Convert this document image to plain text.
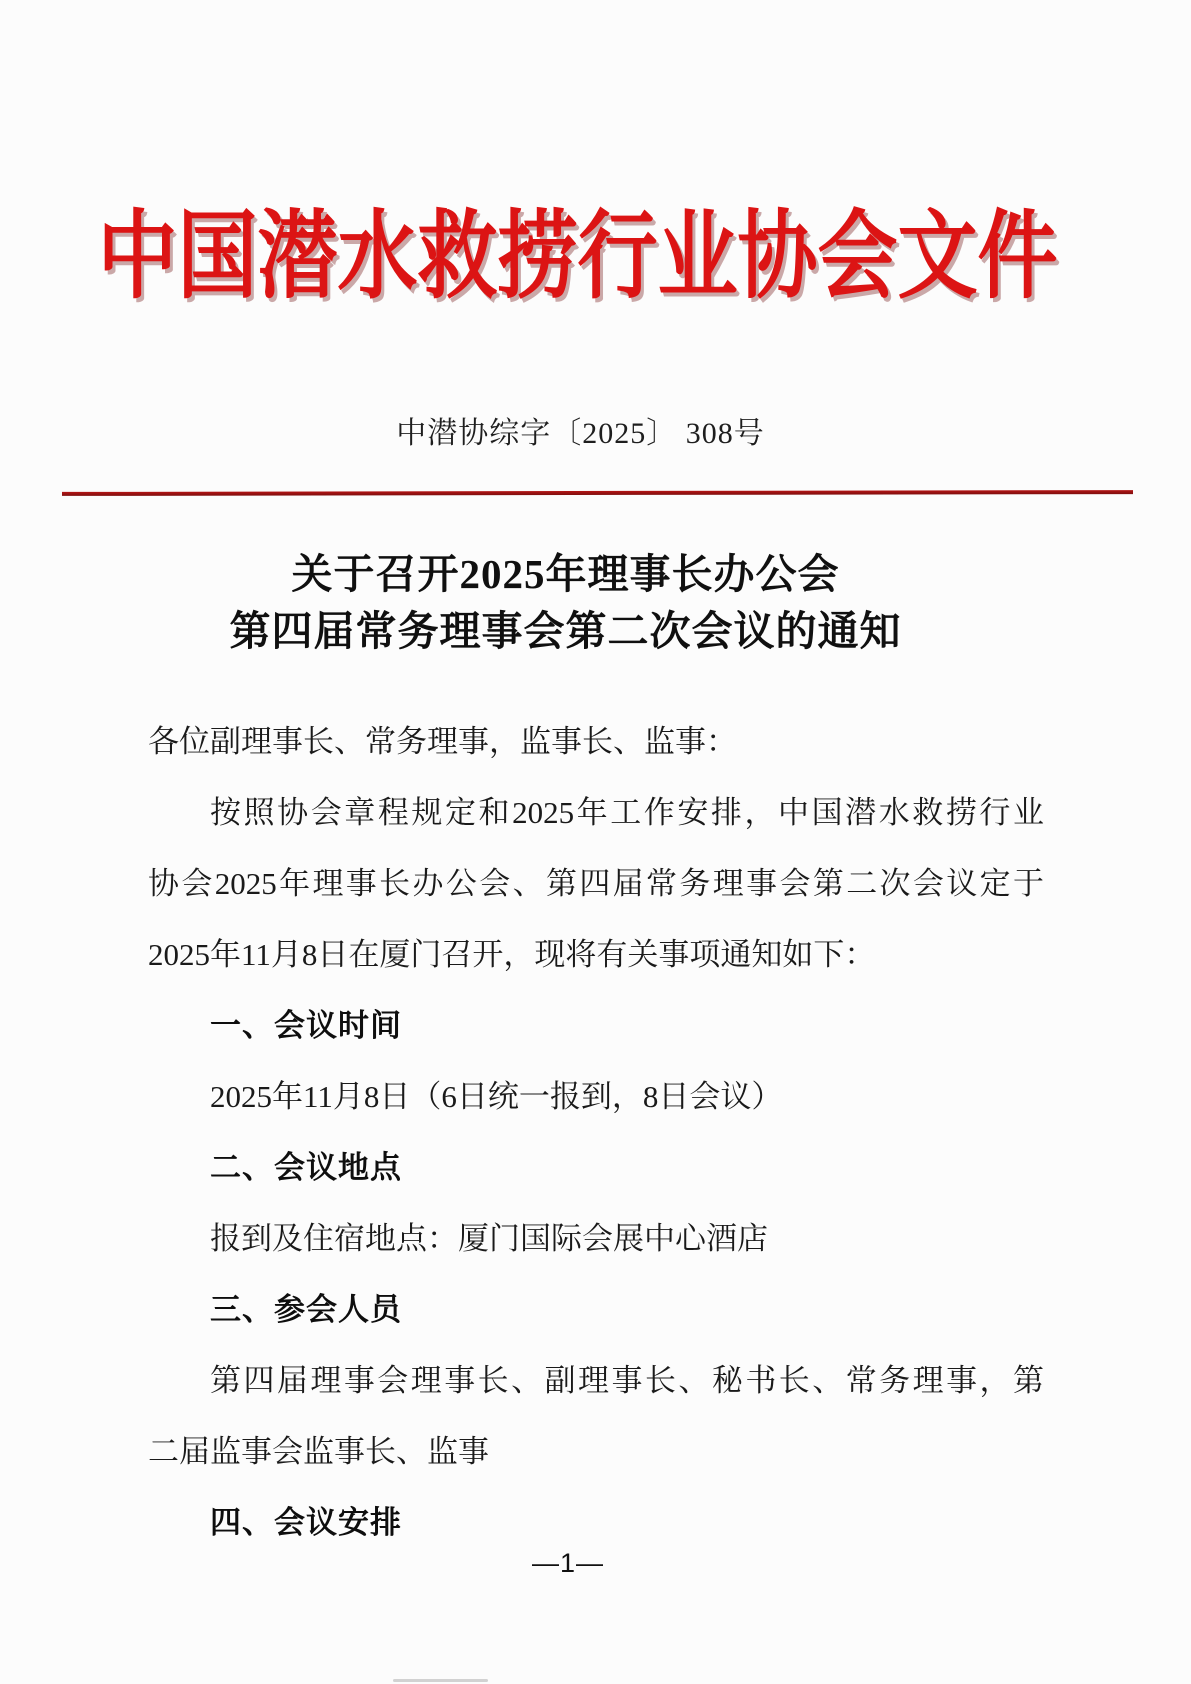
中国潜水救捞行业协会文件
中潜协综字〔2025〕 308号
关于召开2025年理事长办公会
第四届常务理事会第二次会议的通知
各位副理事长、常务理事，监事长、监事：
按照协会章程规定和2025年工作安排，中国潜水救捞行业
协会2025年理事长办公会、第四届常务理事会第二次会议定于
2025年11月8日在厦门召开，现将有关事项通知如下：
一、会议时间
2025年11月8日（6日统一报到，8日会议）
二、会议地点
报到及住宿地点：厦门国际会展中心酒店
三、参会人员
第四届理事会理事长、副理事长、秘书长、常务理事，第
二届监事会监事长、监事
四、会议安排
—1—
